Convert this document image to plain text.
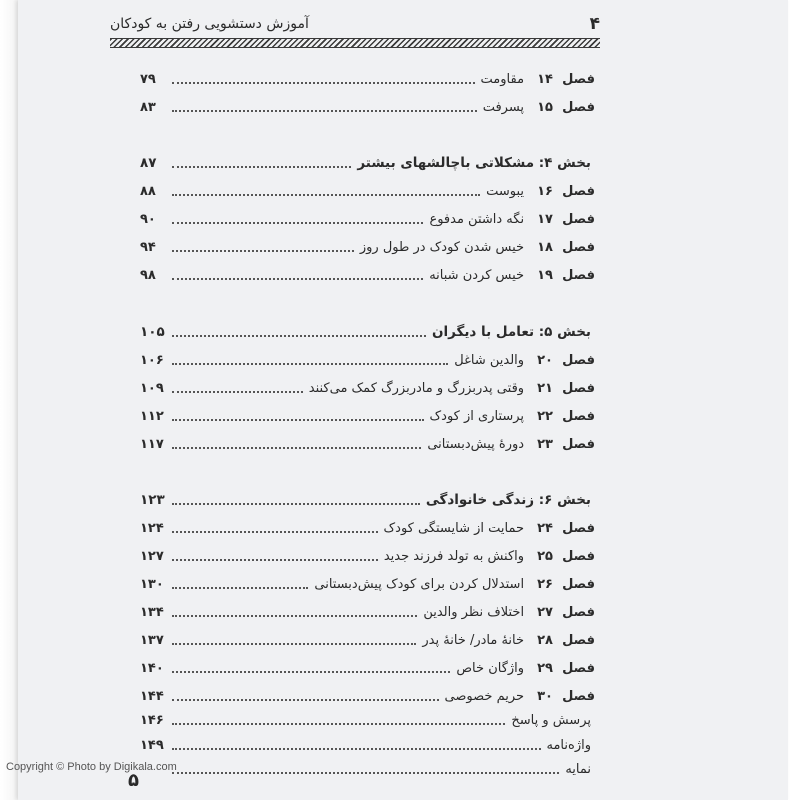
۴
آموزش دستشویی رفتن به کودکان
فصل
۱۴
مقاومت
۷۹
فصل
۱۵
پسرفت
۸۳
بخش ۴: مشکلاتی باچالشهای بیشتر
۸۷
فصل
۱۶
یبوست
۸۸
فصل
۱۷
نگه داشتن مدفوع
۹۰
فصل
۱۸
خیس شدن کودک در طول روز
۹۴
فصل
۱۹
خیس کردن شبانه
۹۸
بخش ۵: تعامل با دیگران
۱۰۵
فصل
۲۰
والدین شاغل
۱۰۶
فصل
۲۱
وقتی پدربزرگ و مادربزرگ کمک می‌کنند
۱۰۹
فصل
۲۲
پرستاری از کودک
۱۱۲
فصل
۲۳
دورهٔ پیش‌دبستانی
۱۱۷
بخش ۶: زندگی خانوادگی
۱۲۳
فصل
۲۴
حمایت از شایستگی کودک
۱۲۴
فصل
۲۵
واکنش به تولد فرزند جدید
۱۲۷
فصل
۲۶
استدلال کردن برای کودک پیش‌دبستانی
۱۳۰
فصل
۲۷
اختلاف نظر والدین
۱۳۴
فصل
۲۸
خانهٔ مادر/ خانهٔ پدر
۱۳۷
فصل
۲۹
واژگان خاص
۱۴۰
فصل
۳۰
حریم خصوصی
۱۴۴
پرسش و پاسخ
۱۴۶
واژه‌نامه
۱۴۹
نمایه
۵
Copyright © Photo by Digikala.com
